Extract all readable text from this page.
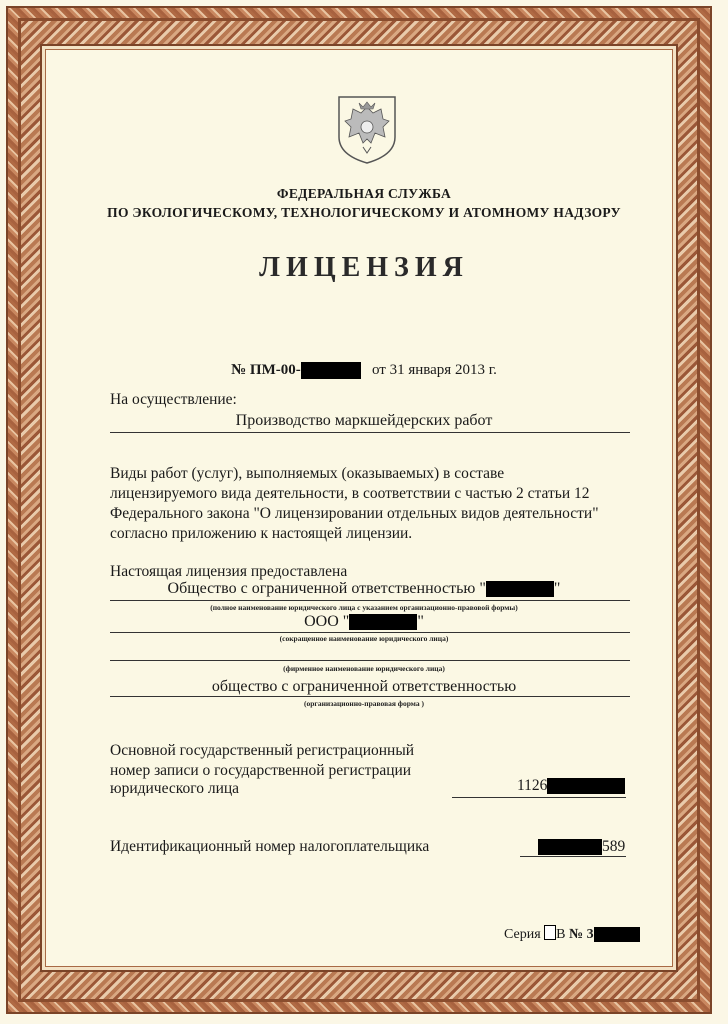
ФЕДЕРАЛЬНАЯ СЛУЖБА
ПО ЭКОЛОГИЧЕСКОМУ, ТЕХНОЛОГИЧЕСКОМУ И АТОМНОМУ НАДЗОРУ
ЛИЦЕНЗИЯ
№ ПМ-00-	от 31 января 2013 г.
На осуществление:
Производство маркшейдерских работ
Виды работ (услуг), выполняемых (оказываемых) в составе
лицензируемого вида деятельности, в соответствии с частью 2 статьи 12
Федерального закона "О лицензировании отдельных видов деятельности"
согласно приложению к настоящей лицензии.
Настоящая лицензия предоставлена
Общество с ограниченной ответственностью "	"
(полное наименование юридического лица с указанием организационно-правовой формы)
ООО "	"
(сокращенное наименование юридического лица)
(фирменное наименование юридического лица)
общество с ограниченной ответственностью
(организационно-правовая форма )
Основной государственный регистрационный
номер записи о государственной регистрации
юридического лица	1126
Идентификационный номер налогоплательщика	589
Серия В № 3
